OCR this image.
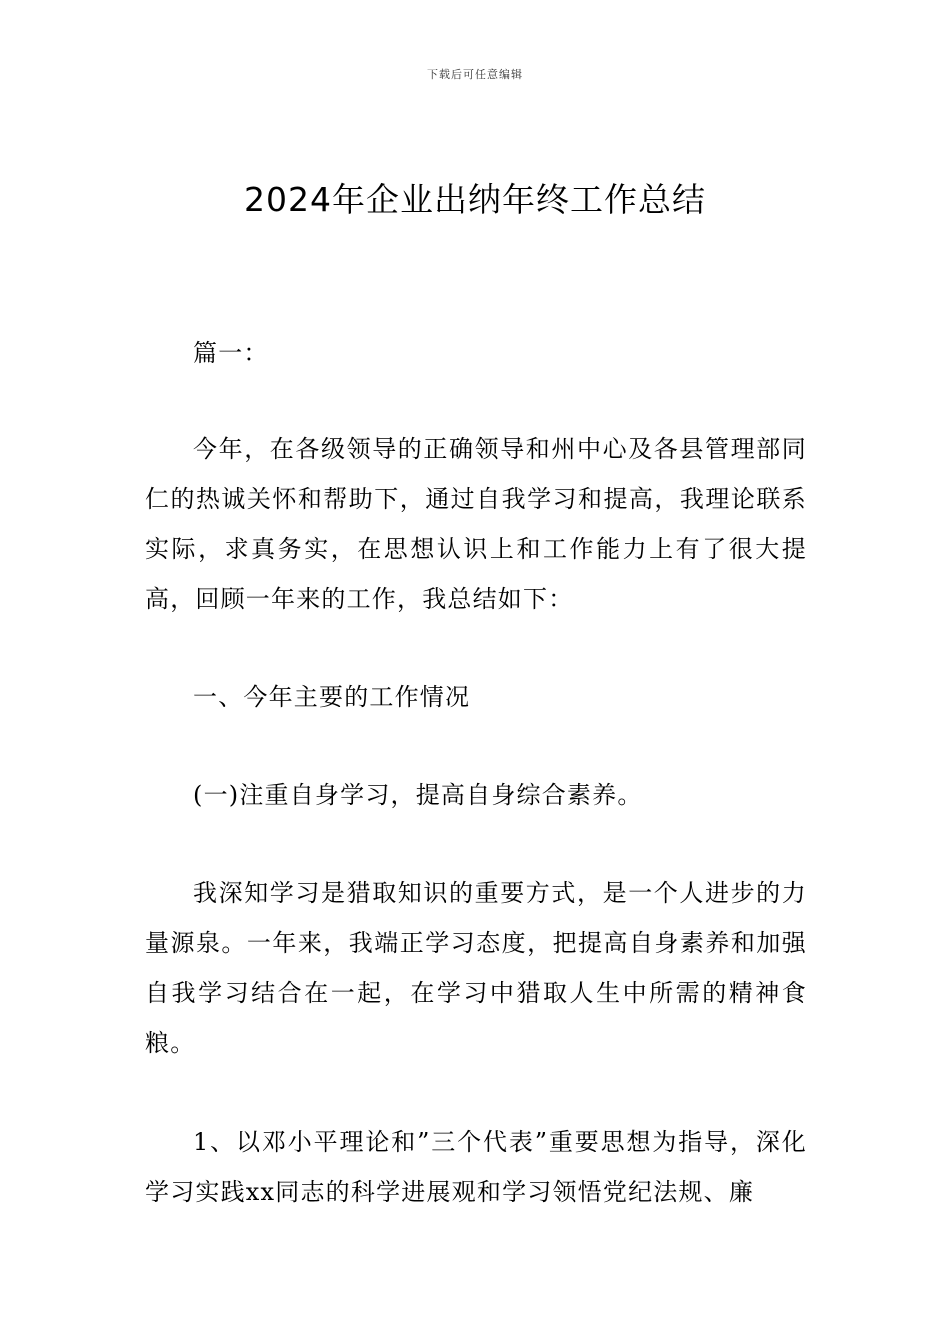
下载后可任意编辑
2024年企业出纳年终工作总结

篇一：

今年，在各级领导的正确领导和州中心及各县管理部同仁的热诚关怀和帮助下，通过自我学习和提高，我理论联系实际，求真务实，在思想认识上和工作能力上有了很大提高，回顾一年来的工作，我总结如下：

一、今年主要的工作情况

(一)注重自身学习，提高自身综合素养。

我深知学习是猎取知识的重要方式，是一个人进步的力量源泉。一年来，我端正学习态度，把提高自身素养和加强自我学习结合在一起，在学习中猎取人生中所需的精神食粮。

1、以邓小平理论和”三个代表”重要思想为指导，深化学习实践xx同志的科学进展观和学习领悟党纪法规、廉
